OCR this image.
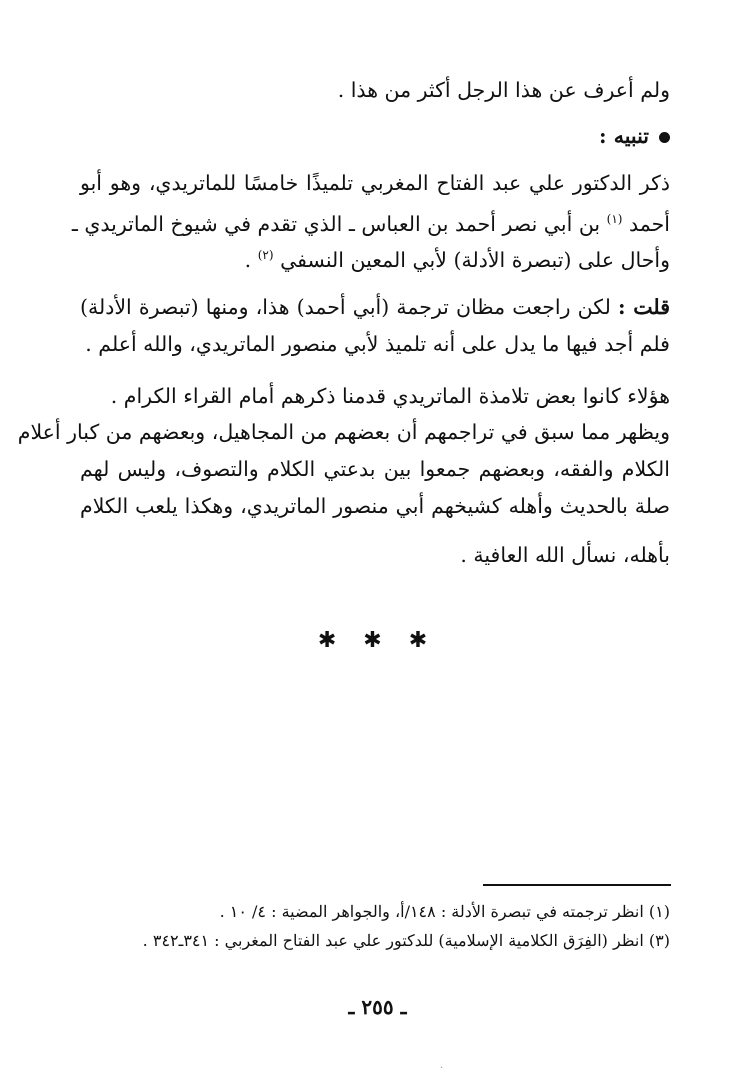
ولم أعرف عن هذا الرجل أكثر من هذا .
تنبيه :
ذكر الدكتور علي عبد الفتاح المغربي تلميذًا خامسًا للماتريدي، وهو أبو
أحمد $^{(١)}$ بن أبي نصر أحمد بن العباس ـ الذي تقدم في شيوخ الماتريدي ـ
وأحال على (تبصرة الأدلة) لأبي المعين النسفي $^{(٢)}$ .
قلت : لكن راجعت مظان ترجمة (أبي أحمد) هذا، ومنها (تبصرة الأدلة)
فلم أجد فيها ما يدل على أنه تلميذ لأبي منصور الماتريدي، والله أعلم .
هؤلاء كانوا بعض تلامذة الماتريدي قدمنا ذكرهم أمام القراء الكرام .
ويظهر مما سبق في تراجمهم أن بعضهم من المجاهيل، وبعضهم من كبار أعلام
الكلام والفقه، وبعضهم جمعوا بين بدعتي الكلام والتصوف، وليس لهم
صلة بالحديث وأهله كشيخهم أبي منصور الماتريدي، وهكذا يلعب الكلام
بأهله، نسأل الله العافية .
✱ ✱ ✱
(١) انظر ترجمته في تبصرة الأدلة : ١٤٨/أ، والجواهر المضية : ٤/ ١٠ .
(٣) انظر (الفِرَق الكلامية الإسلامية) للدكتور علي عبد الفتاح المغربي : ٣٤١ـ٣٤٢ .
ـ ٢٥٥ ـ
·
